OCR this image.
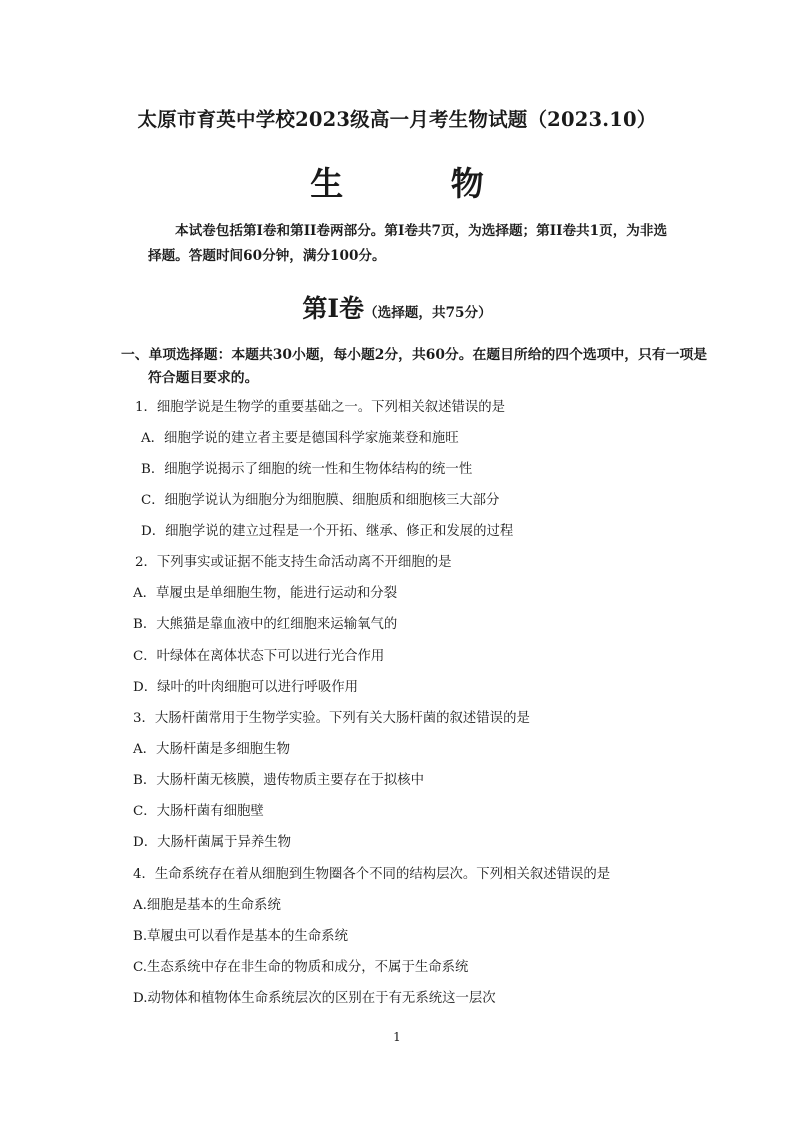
太原市育英中学校2023级高一月考生物试题（2023.10）
生 物
本试卷包括第I卷和第II卷两部分。第I卷共7页，为选择题；第II卷共1页，为非选择题。答题时间60分钟，满分100分。
第I卷（选择题，共75分）
一、单项选择题：本题共30小题，每小题2分，共60分。在题目所给的四个选项中，只有一项是符合题目要求的。
1．细胞学说是生物学的重要基础之一。下列相关叙述错误的是
A．细胞学说的建立者主要是德国科学家施莱登和施旺
B．细胞学说揭示了细胞的统一性和生物体结构的统一性
C．细胞学说认为细胞分为细胞膜、细胞质和细胞核三大部分
D．细胞学说的建立过程是一个开拓、继承、修正和发展的过程
2．下列事实或证据不能支持生命活动离不开细胞的是
A．草履虫是单细胞生物，能进行运动和分裂
B．大熊猫是靠血液中的红细胞来运输氧气的
C．叶绿体在离体状态下可以进行光合作用
D．绿叶的叶肉细胞可以进行呼吸作用
3．大肠杆菌常用于生物学实验。下列有关大肠杆菌的叙述错误的是
A．大肠杆菌是多细胞生物
B．大肠杆菌无核膜，遗传物质主要存在于拟核中
C．大肠杆菌有细胞壁
D．大肠杆菌属于异养生物
4．生命系统存在着从细胞到生物圈各个不同的结构层次。下列相关叙述错误的是
A.细胞是基本的生命系统
B.草履虫可以看作是基本的生命系统
C.生态系统中存在非生命的物质和成分，不属于生命系统
D.动物体和植物体生命系统层次的区别在于有无系统这一层次
1
